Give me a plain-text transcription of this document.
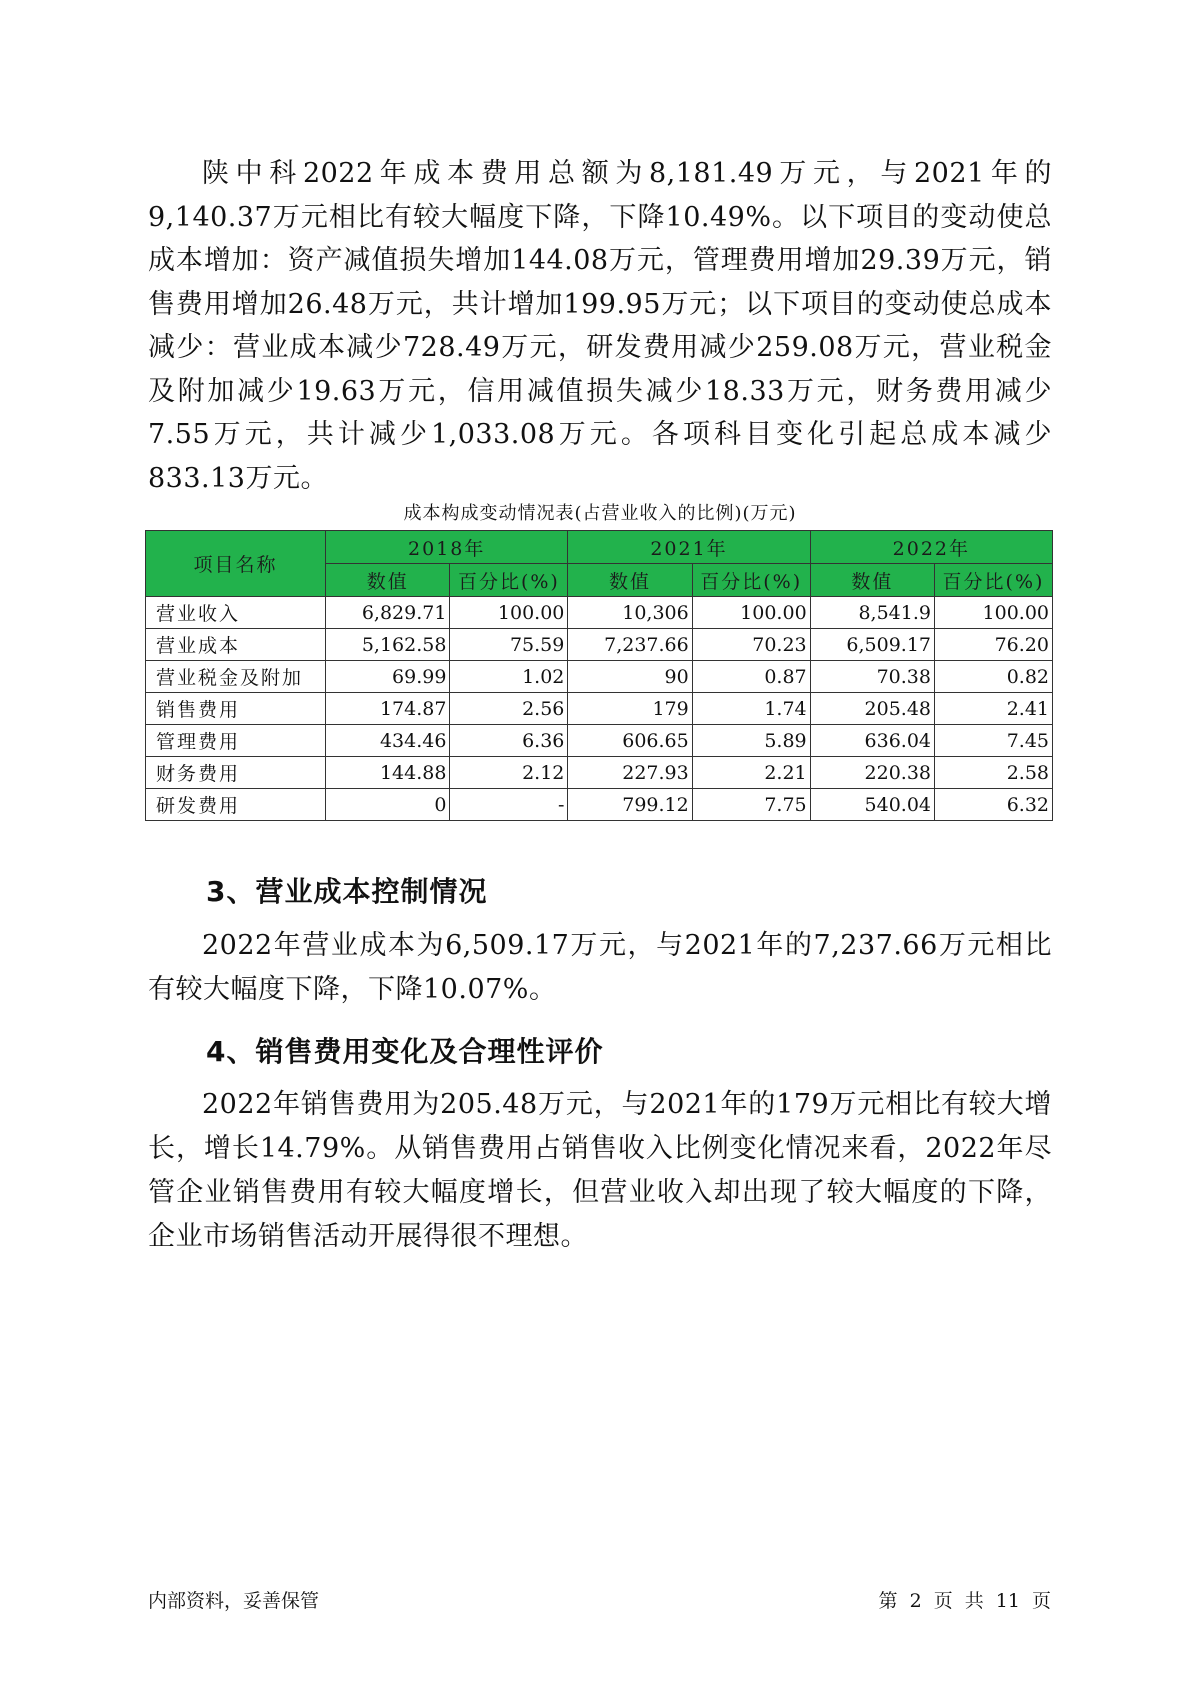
陕中科2022年成本费用总额为8,181.49万元，与2021年的9,140.37万元相比有较大幅度下降，下降10.49%。以下项目的变动使总成本增加：资产减值损失增加144.08万元，管理费用增加29.39万元，销售费用增加26.48万元，共计增加199.95万元；以下项目的变动使总成本减少：营业成本减少728.49万元，研发费用减少259.08万元，营业税金及附加减少19.63万元，信用减值损失减少18.33万元，财务费用减少7.55万元，共计减少1,033.08万元。各项科目变化引起总成本减少833.13万元。

成本构成变动情况表(占营业收入的比例)(万元)

项目名称	2018年		2021年		2022年	
	数值	百分比(%)	数值	百分比(%)	数值	百分比(%)
营业收入	6,829.71	100.00	10,306	100.00	8,541.9	100.00
营业成本	5,162.58	75.59	7,237.66	70.23	6,509.17	76.20
营业税金及附加	69.99	1.02	90	0.87	70.38	0.82
销售费用	174.87	2.56	179	1.74	205.48	2.41
管理费用	434.46	6.36	606.65	5.89	636.04	7.45
财务费用	144.88	2.12	227.93	2.21	220.38	2.58
研发费用	0	-	799.12	7.75	540.04	6.32
3、营业成本控制情况

2022年营业成本为6,509.17万元，与2021年的7,237.66万元相比有较大幅度下降，下降10.07%。

4、销售费用变化及合理性评价

2022年销售费用为205.48万元，与2021年的179万元相比有较大增长，增长14.79%。从销售费用占销售收入比例变化情况来看，2022年尽管企业销售费用有较大幅度增长，但营业收入却出现了较大幅度的下降，企业市场销售活动开展得很不理想。

内部资料，妥善保管	第 2 页 共 11 页
